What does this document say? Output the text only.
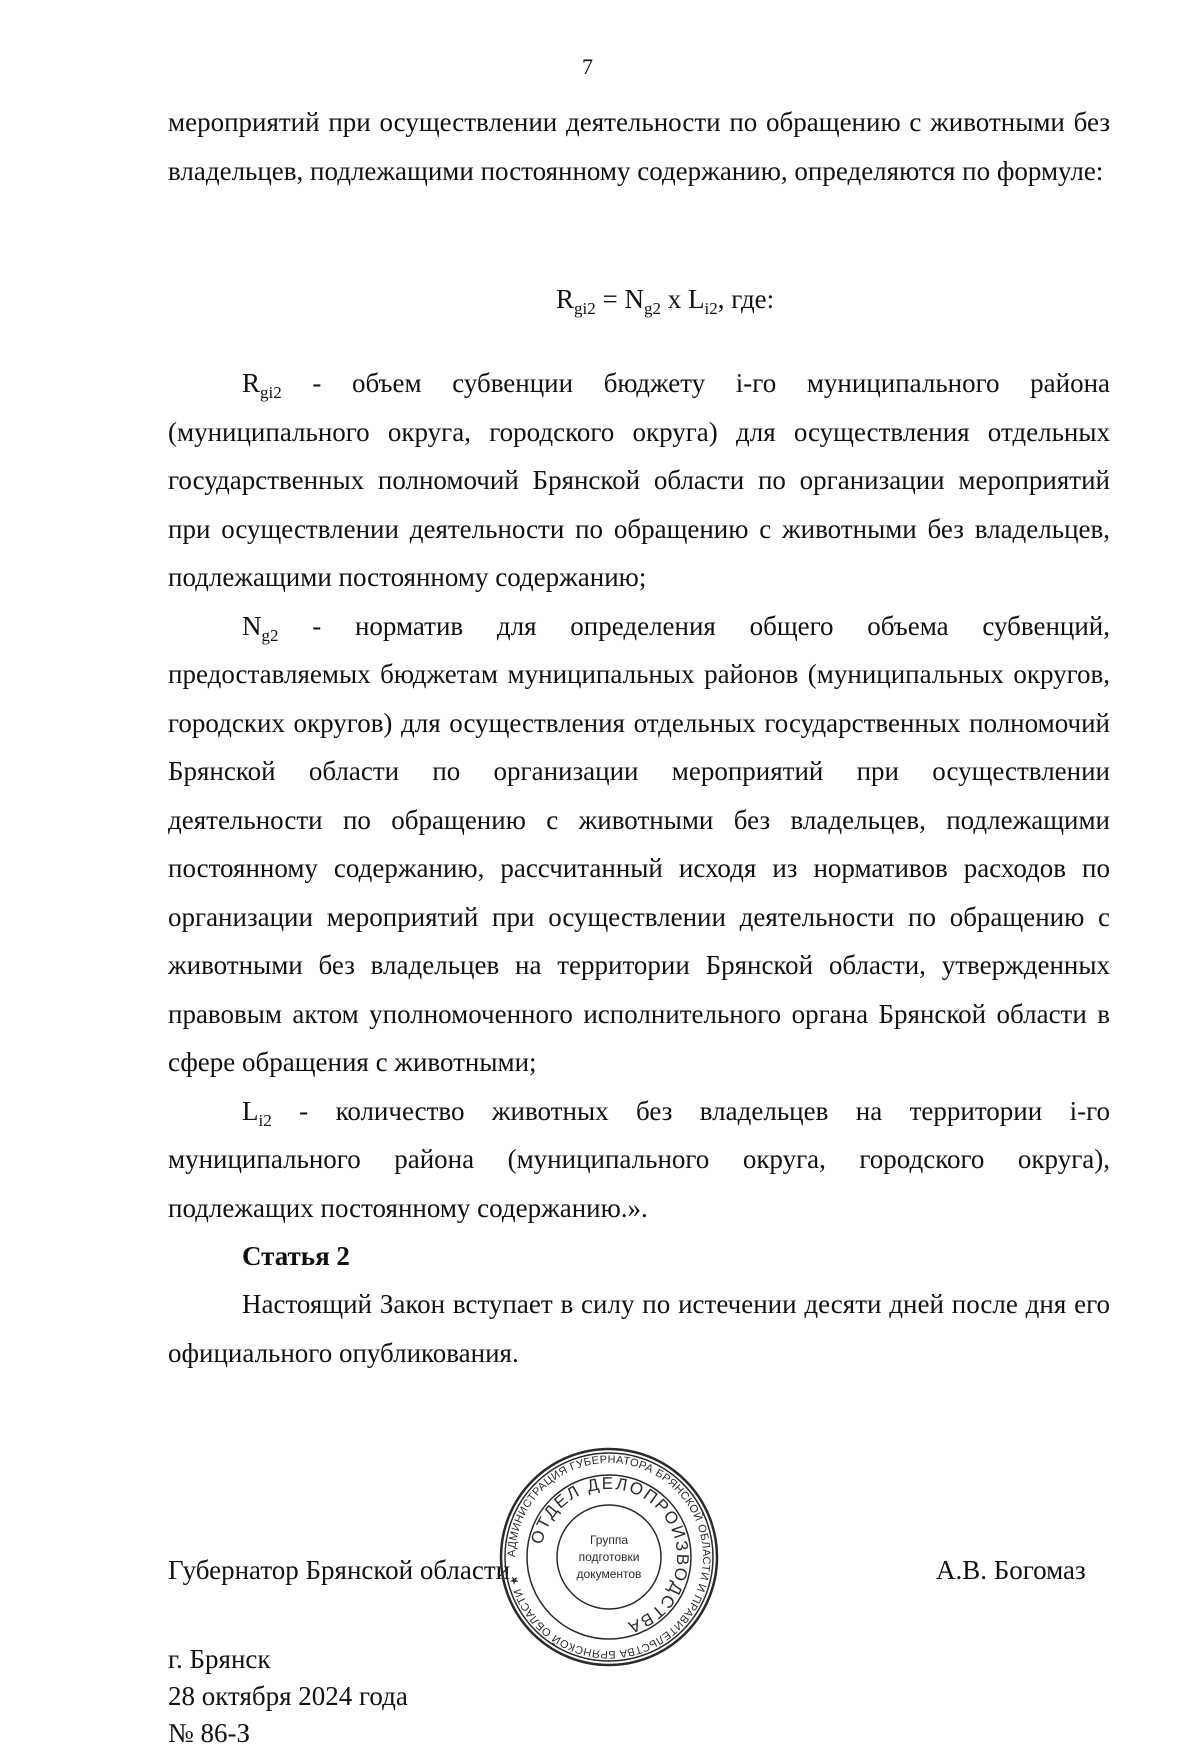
7

мероприятий при осуществлении деятельности по обращению с животными без владельцев, подлежащими постоянному содержанию, определяются по формуле:

$R_{gi2} = N_{g2}$ x $L_{i2}$, где:

$R_{gi2}$ - объем субвенции бюджету i-го муниципального района (муниципального округа, городского округа) для осуществления отдельных государственных полномочий Брянской области по организации мероприятий при осуществлении деятельности по обращению с животными без владельцев, подлежащими постоянному содержанию;

$N_{g2}$ - норматив для определения общего объема субвенций, предоставляемых бюджетам муниципальных районов (муниципальных округов, городских округов) для осуществления отдельных государственных полномочий Брянской области по организации мероприятий при осуществлении деятельности по обращению с животными без владельцев, подлежащими постоянному содержанию, рассчитанный исходя из нормативов расходов по организации мероприятий при осуществлении деятельности по обращению с животными без владельцев на территории Брянской области, утвержденных правовым актом уполномоченного исполнительного органа Брянской области в сфере обращения с животными;

$L_{i2}$ - количество животных без владельцев на территории i-го муниципального района (муниципального округа, городского округа), подлежащих постоянному содержанию.».

Статья 2

Настоящий Закон вступает в силу по истечении десяти дней после дня его официального опубликования.

Губернатор Брянской области	А.В. Богомаз
АДМИНИСТРАЦИЯ ГУБЕРНАТОРА БРЯНСКОЙ ОБЛАСТИ И ПРАВИТЕЛЬСТВА БРЯНСКОЙ ОБЛАСТИ ★
ОТДЕЛ ДЕЛОПРОИЗВОДСТВА
Группа
подготовки
документов
г. Брянск
28 октября 2024 года
№ 86-З
